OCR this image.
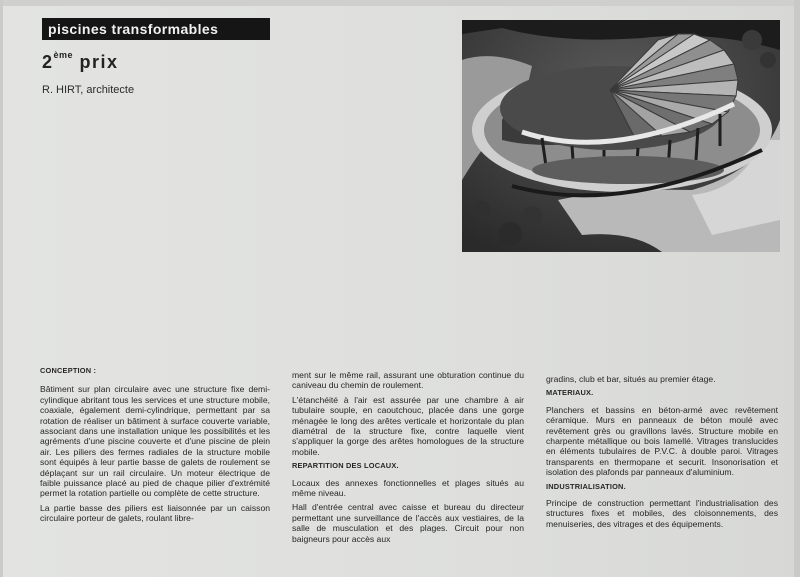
piscines transformables
2ème prix
R. HIRT, architecte
CONCEPTION :

Bâtiment sur plan circulaire avec une structure fixe demi-cylindique abritant tous les services et une structure mobile, coaxiale, également demi-cylindrique, permettant par sa rotation de réaliser un bâtiment à surface couverte variable, associant dans une installation unique les possibilités et les agréments d'une piscine couverte et d'une piscine de plein air. Les piliers des fermes radiales de la structure mobile sont équipés à leur partie basse de galets de roulement se déplaçant sur un rail circulaire. Un moteur électrique de faible puissance placé au pied de chaque pilier d'extrémité permet la rotation partielle ou complète de cette structure.

La partie basse des piliers est liaisonnée par un caisson circulaire porteur de galets, roulant libre-

ment sur le même rail, assurant une obturation continue du caniveau du chemin de roulement.

L'étanchéité à l'air est assurée par une chambre à air tubulaire souple, en caoutchouc, placée dans une gorge ménagée le long des arêtes verticale et horizontale du plan diamétral de la structure fixe, contre laquelle vient s'appliquer la gorge des arêtes homologues de la structure mobile.

REPARTITION DES LOCAUX.

Locaux des annexes fonctionnelles et plages situés au même niveau.

Hall d'entrée central avec caisse et bureau du directeur permettant une surveillance de l'accès aux vestiaires, de la salle de musculation et des plages. Circuit pour non baigneurs pour accès aux

gradins, club et bar, situés au premier étage.

MATERIAUX.

Planchers et bassins en béton-armé avec revêtement céramique. Murs en panneaux de béton moulé avec revêtement grès ou gravillons lavés. Structure mobile en charpente métallique ou bois lamellé. Vitrages translucides en éléments tubulaires de P.V.C. à double paroi. Vitrages transparents en thermopane et securit. Insonorisation et isolation des plafonds par panneaux d'aluminium.

INDUSTRIALISATION.

Principe de construction permettant l'industrialisation des structures fixes et mobiles, des cloisonnements, des menuiseries, des vitrages et des équipements.
